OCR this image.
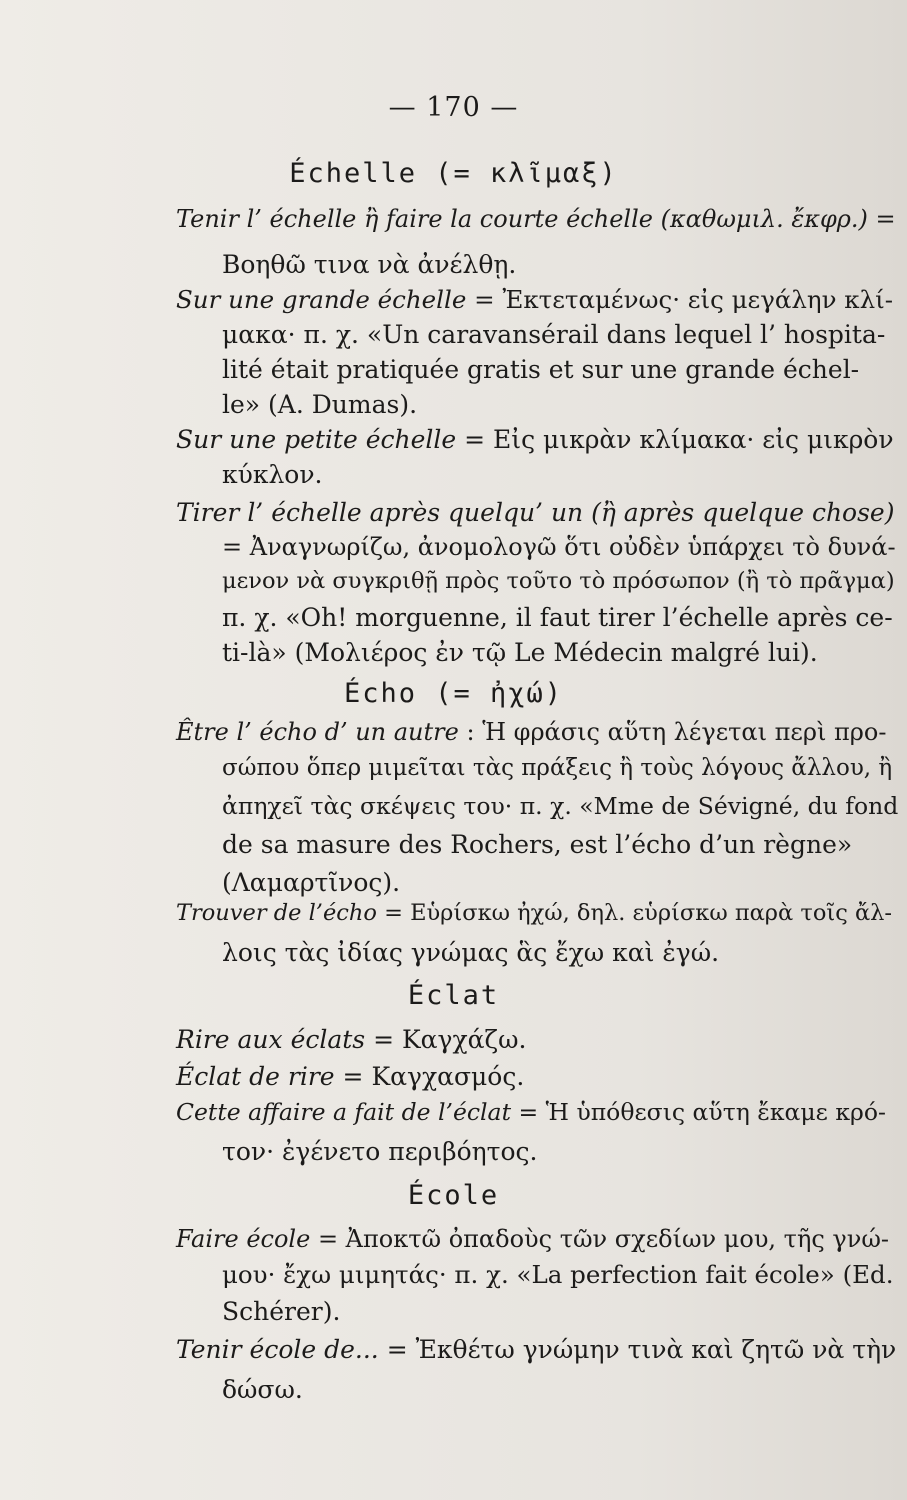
— 170 —
Échelle (= κλῖμαξ)
Tenir l’ échelle ἢ faire la courte échelle (καθωμιλ. ἔκφρ.) =
Βοηθῶ τινα νὰ ἀνέλθῃ.
Sur une grande échelle = Ἐκτεταμένως· εἰς μεγάλην κλί-
μακα· π. χ. «Un caravansérail dans lequel l’ hospita-
lité était pratiquée gratis et sur une grande échel-
le» (A. Dumas).
Sur une petite échelle = Εἰς μικρὰν κλίμακα· εἰς μικρὸν
κύκλον.
Tirer l’ échelle après quelqu’ un (ἢ après quelque chose)
= Ἀναγνωρίζω, ἀνομολογῶ ὅτι οὐδὲν ὑπάρχει τὸ δυνά-
μενον νὰ συγκριθῇ πρὸς τοῦτο τὸ πρόσωπον (ἢ τὸ πρᾶγμα)
π. χ. «Oh! morguenne, il faut tirer l’échelle après ce-
ti-là» (Μολιέρος ἐν τῷ Le Médecin malgré lui).
Écho (= ἠχώ)
Être l’ écho d’ un autre : Ἡ φράσις αὕτη λέγεται περὶ προ-
σώπου ὅπερ μιμεῖται τὰς πράξεις ἢ τοὺς λόγους ἄλλου, ἢ
ἀπηχεῖ τὰς σκέψεις του· π. χ. «Mme de Sévigné, du fond
de sa masure des Rochers, est l’écho d’un règne»
(Λαμαρτῖνος).
Trouver de l’écho = Εὑρίσκω ἠχώ, δηλ. εὑρίσκω παρὰ τοῖς ἄλ-
λοις τὰς ἰδίας γνώμας ἃς ἔχω καὶ ἐγώ.
Éclat
Rire aux éclats = Καγχάζω.
Éclat de rire = Καγχασμός.
Cette affaire a fait de l’éclat = Ἡ ὑπόθεσις αὕτη ἔκαμε κρό-
τον· ἐγένετο περιβόητος.
École
Faire école = Ἀποκτῶ ὀπαδοὺς τῶν σχεδίων μου, τῆς γνώ-
μου· ἔχω μιμητάς· π. χ. «La perfection fait école» (Ed.
Schérer).
Tenir école de... = Ἐκθέτω γνώμην τινὰ καὶ ζητῶ νὰ τὴν
δώσω.
